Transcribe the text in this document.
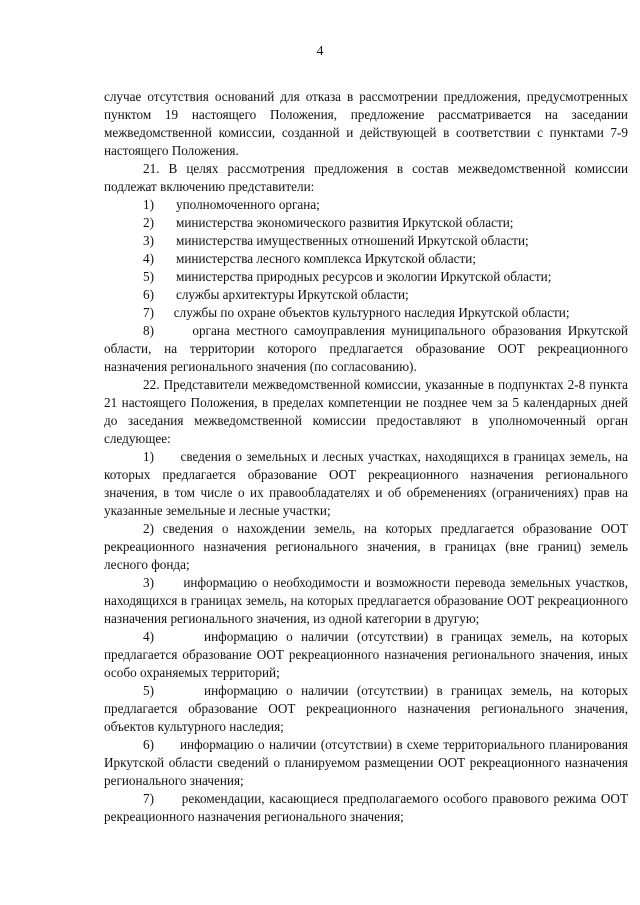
4

случае отсутствия оснований для отказа в рассмотрении предложения, предусмотренных пунктом 19 настоящего Положения, предложение рассматривается на заседании межведомственной комиссии, созданной и действующей в соответствии с пунктами 7-9 настоящего Положения.

21. В целях рассмотрения предложения в состав межведомственной комиссии подлежат включению представители:

1)	уполномоченного органа;
2)	министерства экономического развития Иркутской области;
3)	министерства имущественных отношений Иркутской области;
4)	министерства лесного комплекса Иркутской области;
5)	министерства природных ресурсов и экологии Иркутской области;
6)	службы архитектуры Иркутской области;

7)      службы по охране объектов культурного наследия Иркутской области;

8)      органа местного самоуправления муниципального образования Иркутской области, на территории которого предлагается образование ООТ рекреационного назначения регионального значения (по согласованию).

22. Представители межведомственной комиссии, указанные в подпунктах 2-8 пункта 21 настоящего Положения, в пределах компетенции не позднее чем за 5 календарных дней до заседания межведомственной комиссии предоставляют в уполномоченный орган следующее:

1)      сведения о земельных и лесных участках, находящихся в границах земель, на которых предлагается образование ООТ рекреационного назначения регионального значения, в том числе о их правообладателях и об обременениях (ограничениях) прав на указанные земельные и лесные участки;

2) сведения о нахождении земель, на которых предлагается образование ООТ рекреационного назначения регионального значения, в границах (вне границ) земель лесного фонда;

3)      информацию о необходимости и возможности перевода земельных участков, находящихся в границах земель, на которых предлагается образование ООТ рекреационного назначения регионального значения, из одной категории в другую;

4)      информацию о наличии (отсутствии) в границах земель, на которых предлагается образование ООТ рекреационного назначения регионального значения, иных особо охраняемых территорий;

5)      информацию о наличии (отсутствии) в границах земель, на которых предлагается образование ООТ рекреационного назначения регионального значения, объектов культурного наследия;

6)      информацию о наличии (отсутствии) в схеме территориального планирования Иркутской области сведений о планируемом размещении ООТ рекреационного назначения регионального значения;

7)      рекомендации, касающиеся предполагаемого особого правового режима ООТ рекреационного назначения регионального значения;
